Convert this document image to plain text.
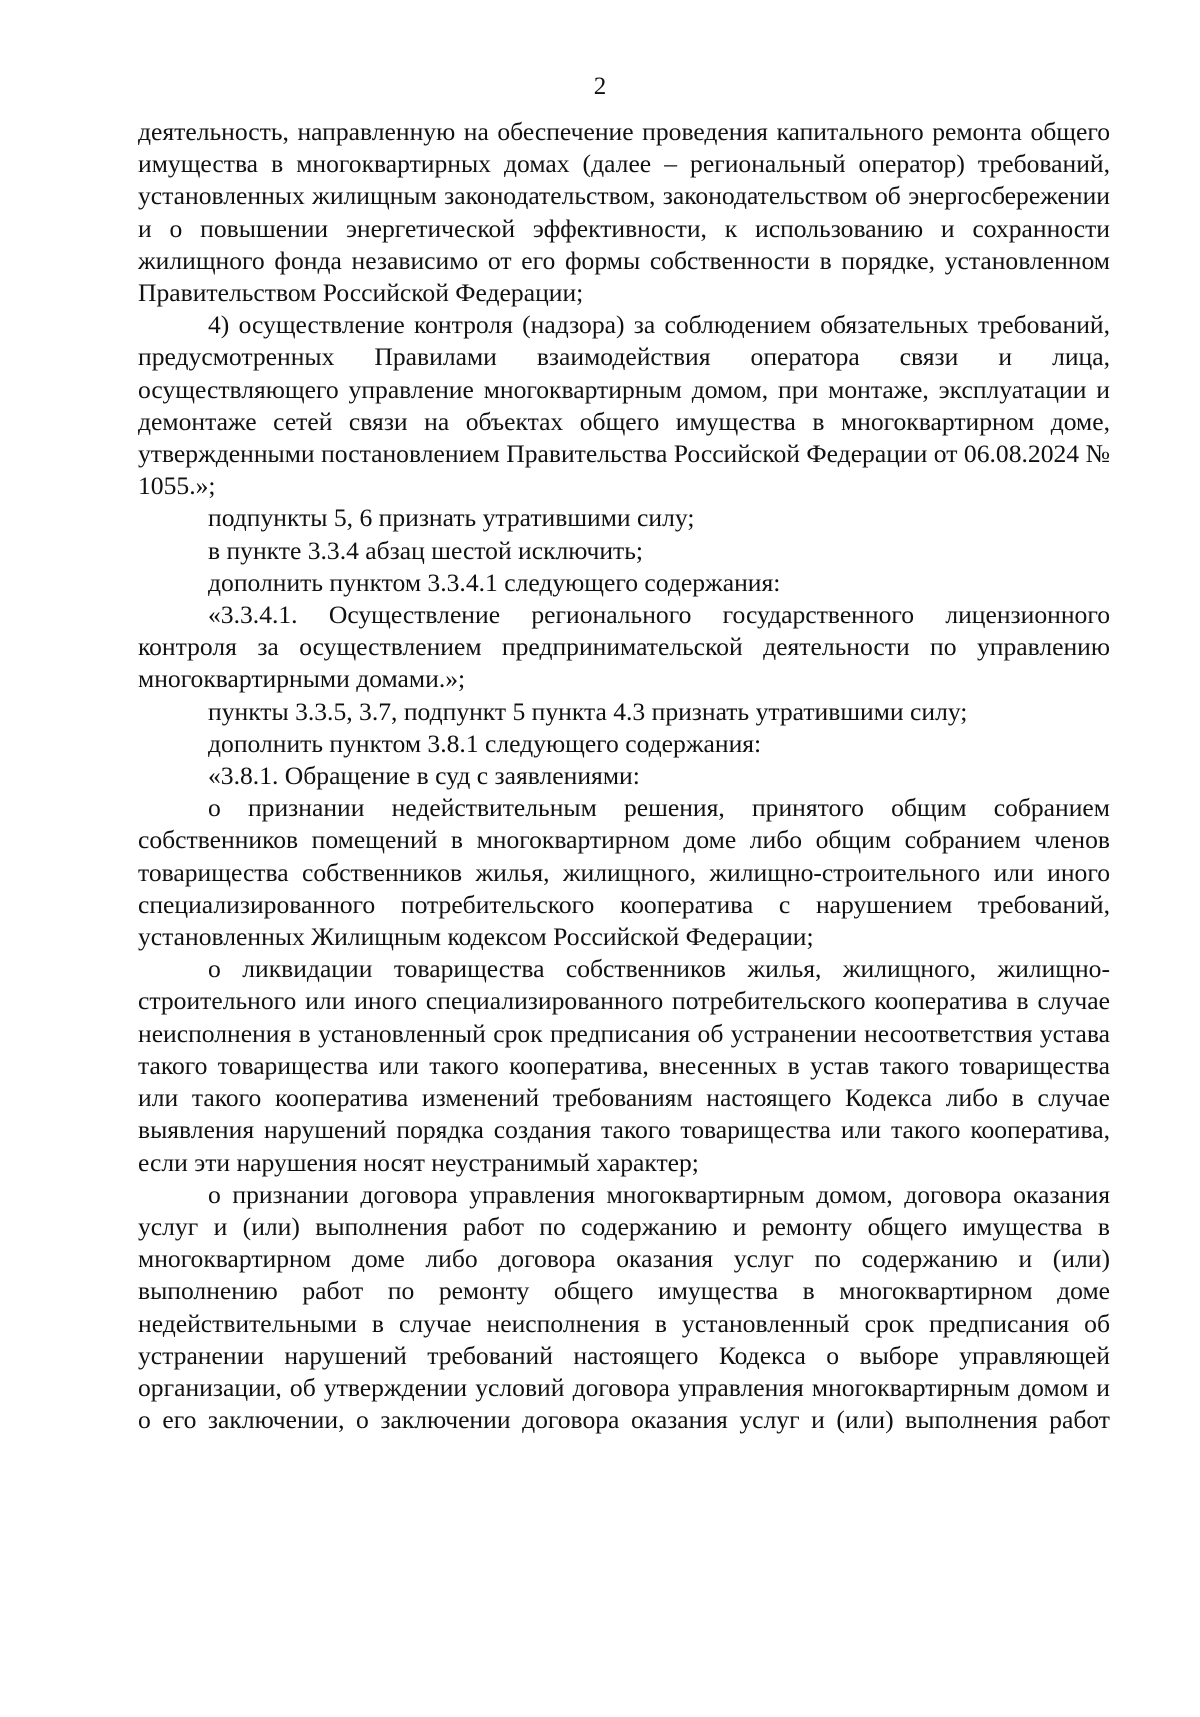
2

деятельность, направленную на обеспечение проведения капитального ремонта общего имущества в многоквартирных домах (далее – региональный оператор) требований, установленных жилищным законодательством, законодательством об энергосбережении и о повышении энергетической эффективности, к использованию и сохранности жилищного фонда независимо от его формы собственности в порядке, установленном Правительством Российской Федерации;

4) осуществление контроля (надзора) за соблюдением обязательных требований, предусмотренных Правилами взаимодействия оператора связи и лица, осуществляющего управление многоквартирным домом, при монтаже, эксплуатации и демонтаже сетей связи на объектах общего имущества в многоквартирном доме, утвержденными постановлением Правительства Российской Федерации от 06.08.2024 № 1055.»;

подпункты 5, 6 признать утратившими силу;

в пункте 3.3.4 абзац шестой исключить;

дополнить пунктом 3.3.4.1 следующего содержания:

«3.3.4.1. Осуществление регионального государственного лицензионного контроля за осуществлением предпринимательской деятельности по управлению многоквартирными домами.»;

пункты 3.3.5, 3.7, подпункт 5 пункта 4.3 признать утратившими силу;

дополнить пунктом 3.8.1 следующего содержания:

«3.8.1. Обращение в суд с заявлениями:

о признании недействительным решения, принятого общим собранием собственников помещений в многоквартирном доме либо общим собранием членов товарищества собственников жилья, жилищного, жилищно-строительного или иного специализированного потребительского кооператива с нарушением требований, установленных Жилищным кодексом Российской Федерации;

о ликвидации товарищества собственников жилья, жилищного, жилищно-строительного или иного специализированного потребительского кооператива в случае неисполнения в установленный срок предписания об устранении несоответствия устава такого товарищества или такого кооператива, внесенных в устав такого товарищества или такого кооператива изменений требованиям настоящего Кодекса либо в случае выявления нарушений порядка создания такого товарищества или такого кооператива, если эти нарушения носят неустранимый характер;

о признании договора управления многоквартирным домом, договора оказания услуг и (или) выполнения работ по содержанию и ремонту общего имущества в многоквартирном доме либо договора оказания услуг по содержанию и (или) выполнению работ по ремонту общего имущества в многоквартирном доме недействительными в случае неисполнения в установленный срок предписания об устранении нарушений требований настоящего Кодекса о выборе управляющей организации, об утверждении условий договора управления многоквартирным домом и о его заключении, о заключении договора оказания услуг и (или) выполнения работ
